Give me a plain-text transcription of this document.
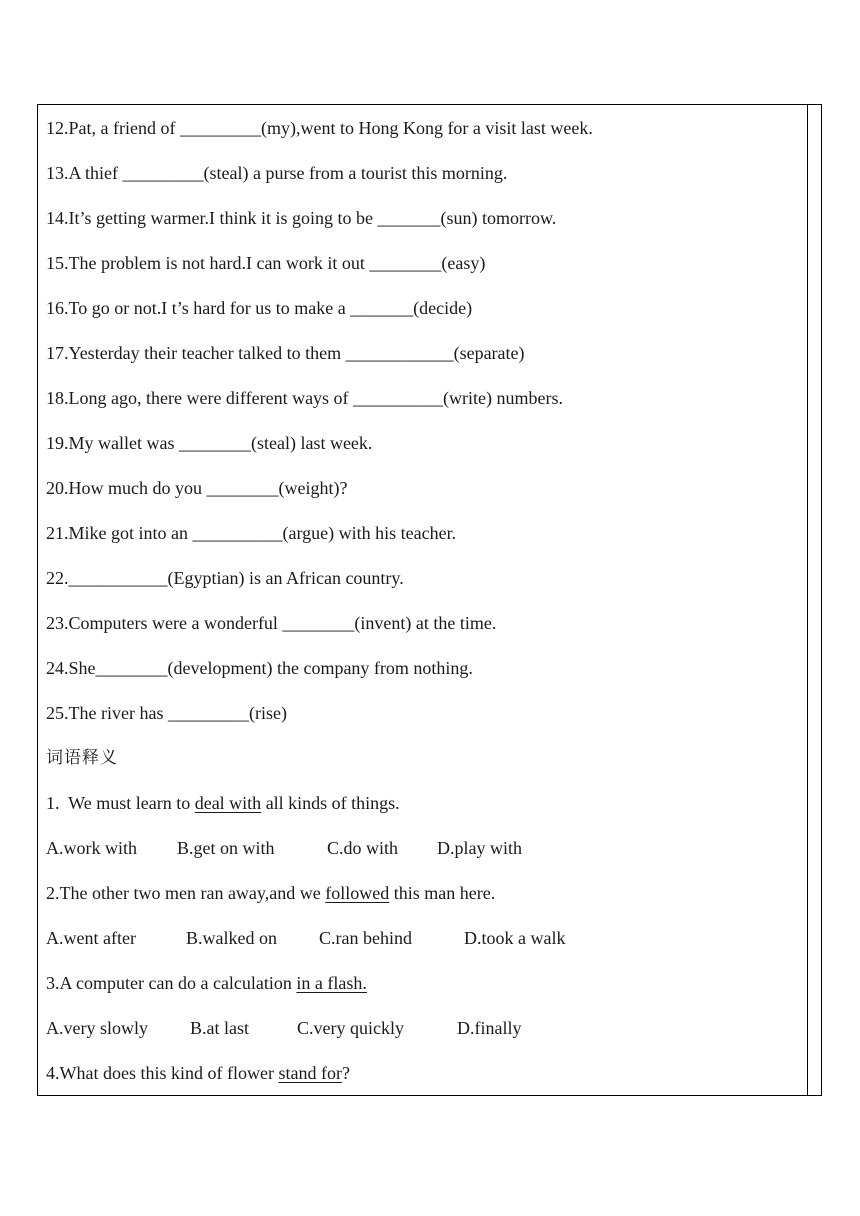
12.Pat, a friend of _________(my),went to Hong Kong for a visit last week.
13.A thief _________(steal) a purse from a tourist this morning.
14.It’s getting warmer.I think it is going to be _______(sun) tomorrow.
15.The problem is not hard.I can work it out ________(easy)
16.To go or not.I t’s hard for us to make a _______(decide)
17.Yesterday their teacher talked to them ____________(separate)
18.Long ago, there were different ways of __________(write) numbers.
19.My wallet was ________(steal) last week.
20.How much do you ________(weight)?
21.Mike got into an __________(argue) with his teacher.
22.___________(Egyptian) is an African country.
23.Computers were a wonderful ________(invent) at the time.
24.She________(development) the company from nothing.
25.The river has _________(rise)
词语释义
1.  We must learn to deal with all kinds of things.
A.work with B.get on with	C.do with D.play with
2.The other two men ran away,and we followed this man here.
A.went after	B.walked on C.ran behind	D.took a walk
3.A computer can do a calculation in a flash.
A.very slowly B.at last	C.very quickly	D.finally
4.What does this kind of flower stand for?
